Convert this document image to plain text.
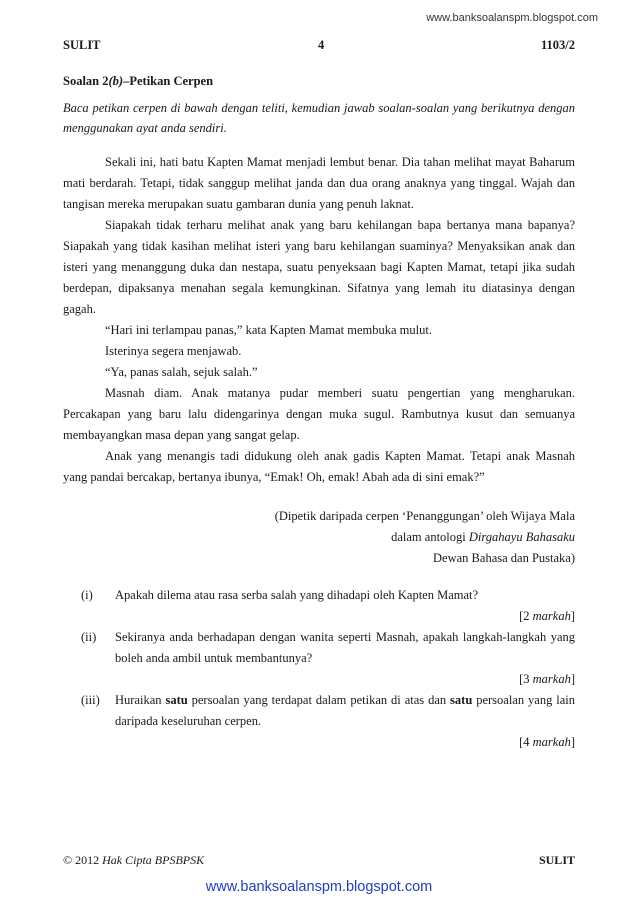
www.banksoalanspm.blogspot.com
SULIT	4	1103/2

Soalan 2(b)–Petikan Cerpen

Baca petikan cerpen di bawah dengan teliti, kemudian jawab soalan-soalan yang berikutnya dengan menggunakan ayat anda sendiri.

Sekali ini, hati batu Kapten Mamat menjadi lembut benar. Dia tahan melihat mayat Baharum mati berdarah. Tetapi, tidak sanggup melihat janda dan dua orang anaknya yang tinggal. Wajah dan tangisan mereka merupakan suatu gambaran dunia yang penuh laknat.

Siapakah tidak terharu melihat anak yang baru kehilangan bapa bertanya mana bapanya? Siapakah yang tidak kasihan melihat isteri yang baru kehilangan suaminya? Menyaksikan anak dan isteri yang menanggung duka dan nestapa, suatu penyeksaan bagi Kapten Mamat, tetapi jika sudah berdepan, dipaksanya menahan segala kemungkinan. Sifatnya yang lemah itu diatasinya dengan gagah.

“Hari ini terlampau panas,” kata Kapten Mamat membuka mulut.

Isterinya segera menjawab.

“Ya, panas salah, sejuk salah.”

Masnah diam. Anak matanya pudar memberi suatu pengertian yang mengharukan. Percakapan yang baru lalu didengarinya dengan muka sugul. Rambutnya kusut dan semuanya membayangkan masa depan yang sangat gelap.

Anak yang menangis tadi didukung oleh anak gadis Kapten Mamat. Tetapi anak Masnah yang pandai bercakap, bertanya ibunya, “Emak! Oh, emak! Abah ada di sini emak?”

(Dipetik daripada cerpen ‘Penanggungan’ oleh Wijaya Mala

dalam antologi Dirgahayu Bahasaku

Dewan Bahasa dan Pustaka)

(i)	Apakah dilema atau rasa serba salah yang dihadapi oleh Kapten Mamat?

[2 markah]

(ii)	Sekiranya anda berhadapan dengan wanita seperti Masnah, apakah langkah-langkah yang boleh anda ambil untuk membantunya?

[3 markah]

(iii)	Huraikan satu persoalan yang terdapat dalam petikan di atas dan satu persoalan yang lain daripada keseluruhan cerpen.

[4 markah]

© 2012 Hak Cipta BPSBPSK	SULIT
www.banksoalanspm.blogspot.com
